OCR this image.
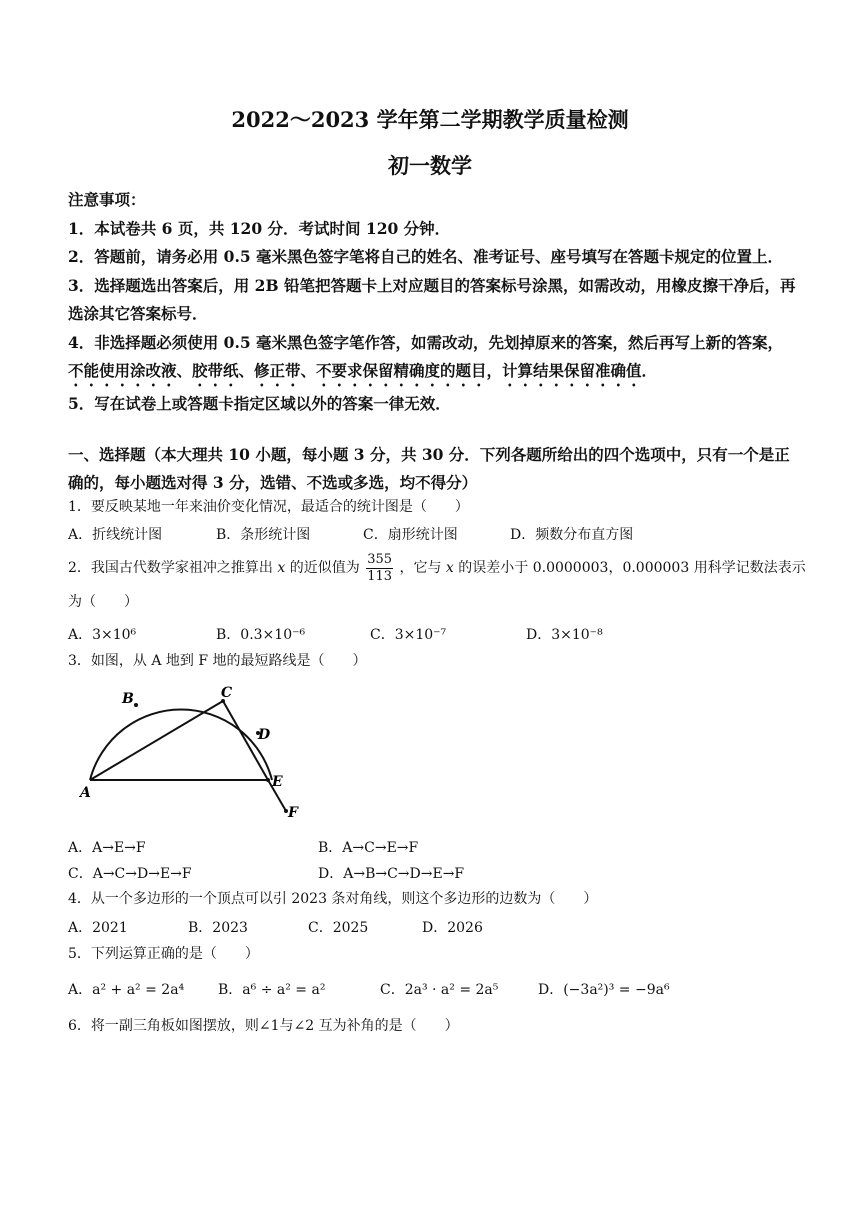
2022～2023 学年第二学期教学质量检测
初一数学

注意事项：

1．本试卷共 6 页，共 120 分．考试时间 120 分钟．

2．答题前，请务必用 0.5 毫米黑色签字笔将自己的姓名、准考证号、座号填写在答题卡规定的位置上．

3．选择题选出答案后，用 2B 铅笔把答题卡上对应题目的答案标号涂黑，如需改动，用橡皮擦干净后，再选涂其它答案标号．

4．非选择题必须使用 0.5 毫米黑色签字笔作答，如需改动，先划掉原来的答案，然后再写上新的答案，不能使用涂改液、胶带纸、修正带、不要求保留精确度的题目，计算结果保留准确值．

5．写在试卷上或答题卡指定区域以外的答案一律无效．

一、选择题（本大理共 10 小题，每小题 3 分，共 30 分．下列各题所给出的四个选项中，只有一个是正确的，每小题选对得 3 分，选错、不选或多选，均不得分）
1．要反映某地一年来油价变化情况，最适合的统计图是（　　）
A．折线统计图	B．条形统计图	C．扇形统计图	D．频数分布直方图
2．我国古代数学家祖冲之推算出 x 的近似值为 $\frac{355}{113}$ ，它与 x 的误差小于 0.0000003，0.000003 用科学记数法表示为（　　）
A．3×10⁶	B．0.3×10⁻⁶	C．3×10⁻⁷	D．3×10⁻⁸
3．如图，从 A 地到 F 地的最短路线是（　　）
B	C
D
A
E
F
A．A→E→F	B．A→C→E→F
C．A→C→D→E→F	D．A→B→C→D→E→F
4．从一个多边形的一个顶点可以引 2023 条对角线，则这个多边形的边数为（　　）
A．2021	B．2023	C．2025	D．2026
5．下列运算正确的是（　　）
A．a² + a² = 2a⁴ B．a⁶ ÷ a² = a²	C．2a³ · a² = 2a⁵	D．(−3a²)³ = −9a⁶
6．将一副三角板如图摆放，则∠1与∠2 互为补角的是（　　）
